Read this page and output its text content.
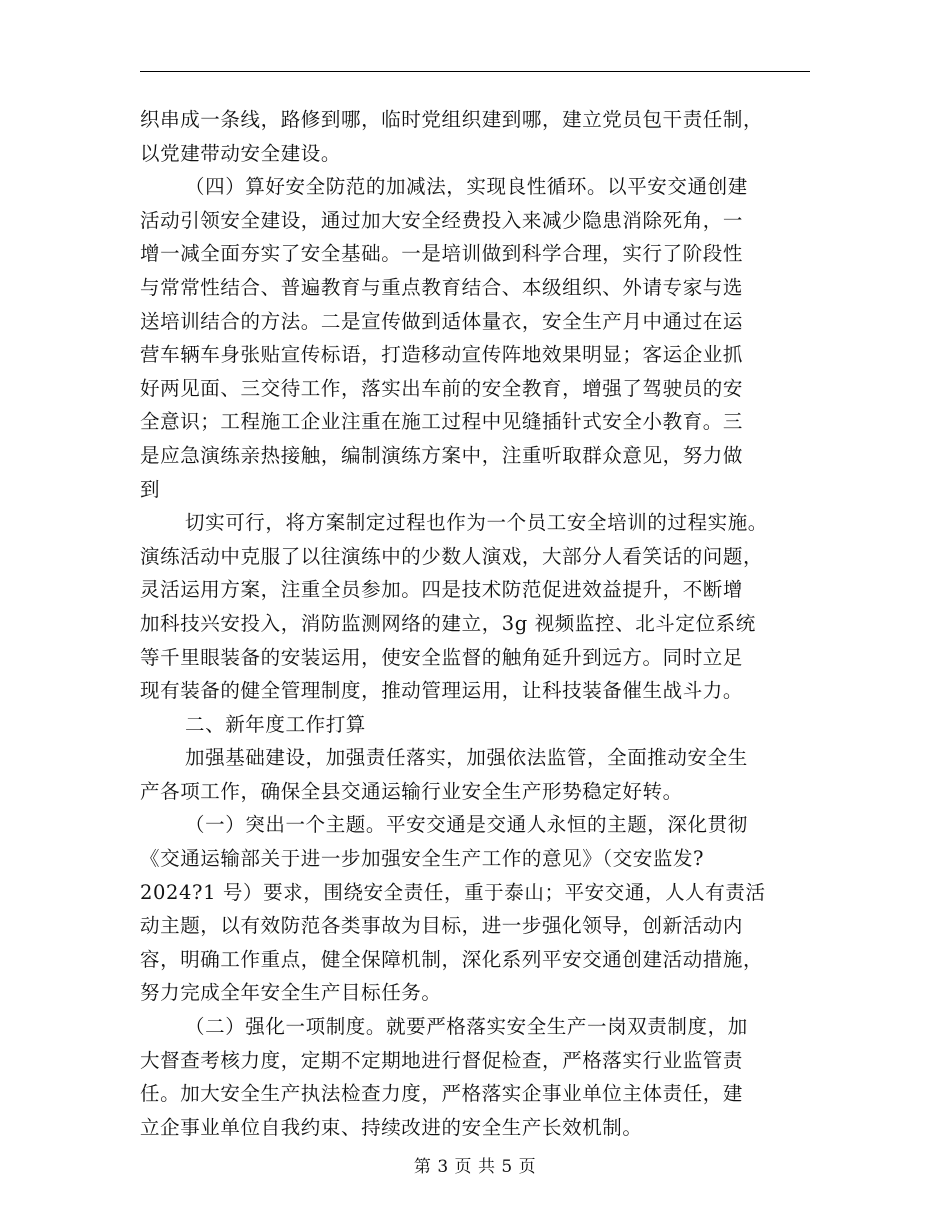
织串成一条线，路修到哪，临时党组织建到哪，建立党员包干责任制，
以党建带动安全建设。
（四）算好安全防范的加减法，实现良性循环。以平安交通创建
活动引领安全建设，通过加大安全经费投入来减少隐患消除死角，一
增一减全面夯实了安全基础。一是培训做到科学合理，实行了阶段性
与常常性结合、普遍教育与重点教育结合、本级组织、外请专家与选
送培训结合的方法。二是宣传做到适体量衣，安全生产月中通过在运
营车辆车身张贴宣传标语，打造移动宣传阵地效果明显；客运企业抓
好两见面、三交待工作，落实出车前的安全教育，增强了驾驶员的安
全意识；工程施工企业注重在施工过程中见缝插针式安全小教育。三
是应急演练亲热接触，编制演练方案中，注重听取群众意见，努力做
到
切实可行，将方案制定过程也作为一个员工安全培训的过程实施。
演练活动中克服了以往演练中的少数人演戏，大部分人看笑话的问题，
灵活运用方案，注重全员参加。四是技术防范促进效益提升，不断增
加科技兴安投入，消防监测网络的建立，3g 视频监控、北斗定位系统
等千里眼装备的安装运用，使安全监督的触角延升到远方。同时立足
现有装备的健全管理制度，推动管理运用，让科技装备催生战斗力。
二、新年度工作打算
加强基础建设，加强责任落实，加强依法监管，全面推动安全生
产各项工作，确保全县交通运输行业安全生产形势稳定好转。
（一）突出一个主题。平安交通是交通人永恒的主题，深化贯彻
《交通运输部关于进一步加强安全生产工作的意见》（交安监发?
2024?1 号）要求，围绕安全责任，重于泰山；平安交通，人人有责活
动主题，以有效防范各类事故为目标，进一步强化领导，创新活动内
容，明确工作重点，健全保障机制，深化系列平安交通创建活动措施，
努力完成全年安全生产目标任务。
（二）强化一项制度。就要严格落实安全生产一岗双责制度，加
大督查考核力度，定期不定期地进行督促检查，严格落实行业监管责
任。加大安全生产执法检查力度，严格落实企事业单位主体责任，建
立企事业单位自我约束、持续改进的安全生产长效机制。
第 3 页 共 5 页
